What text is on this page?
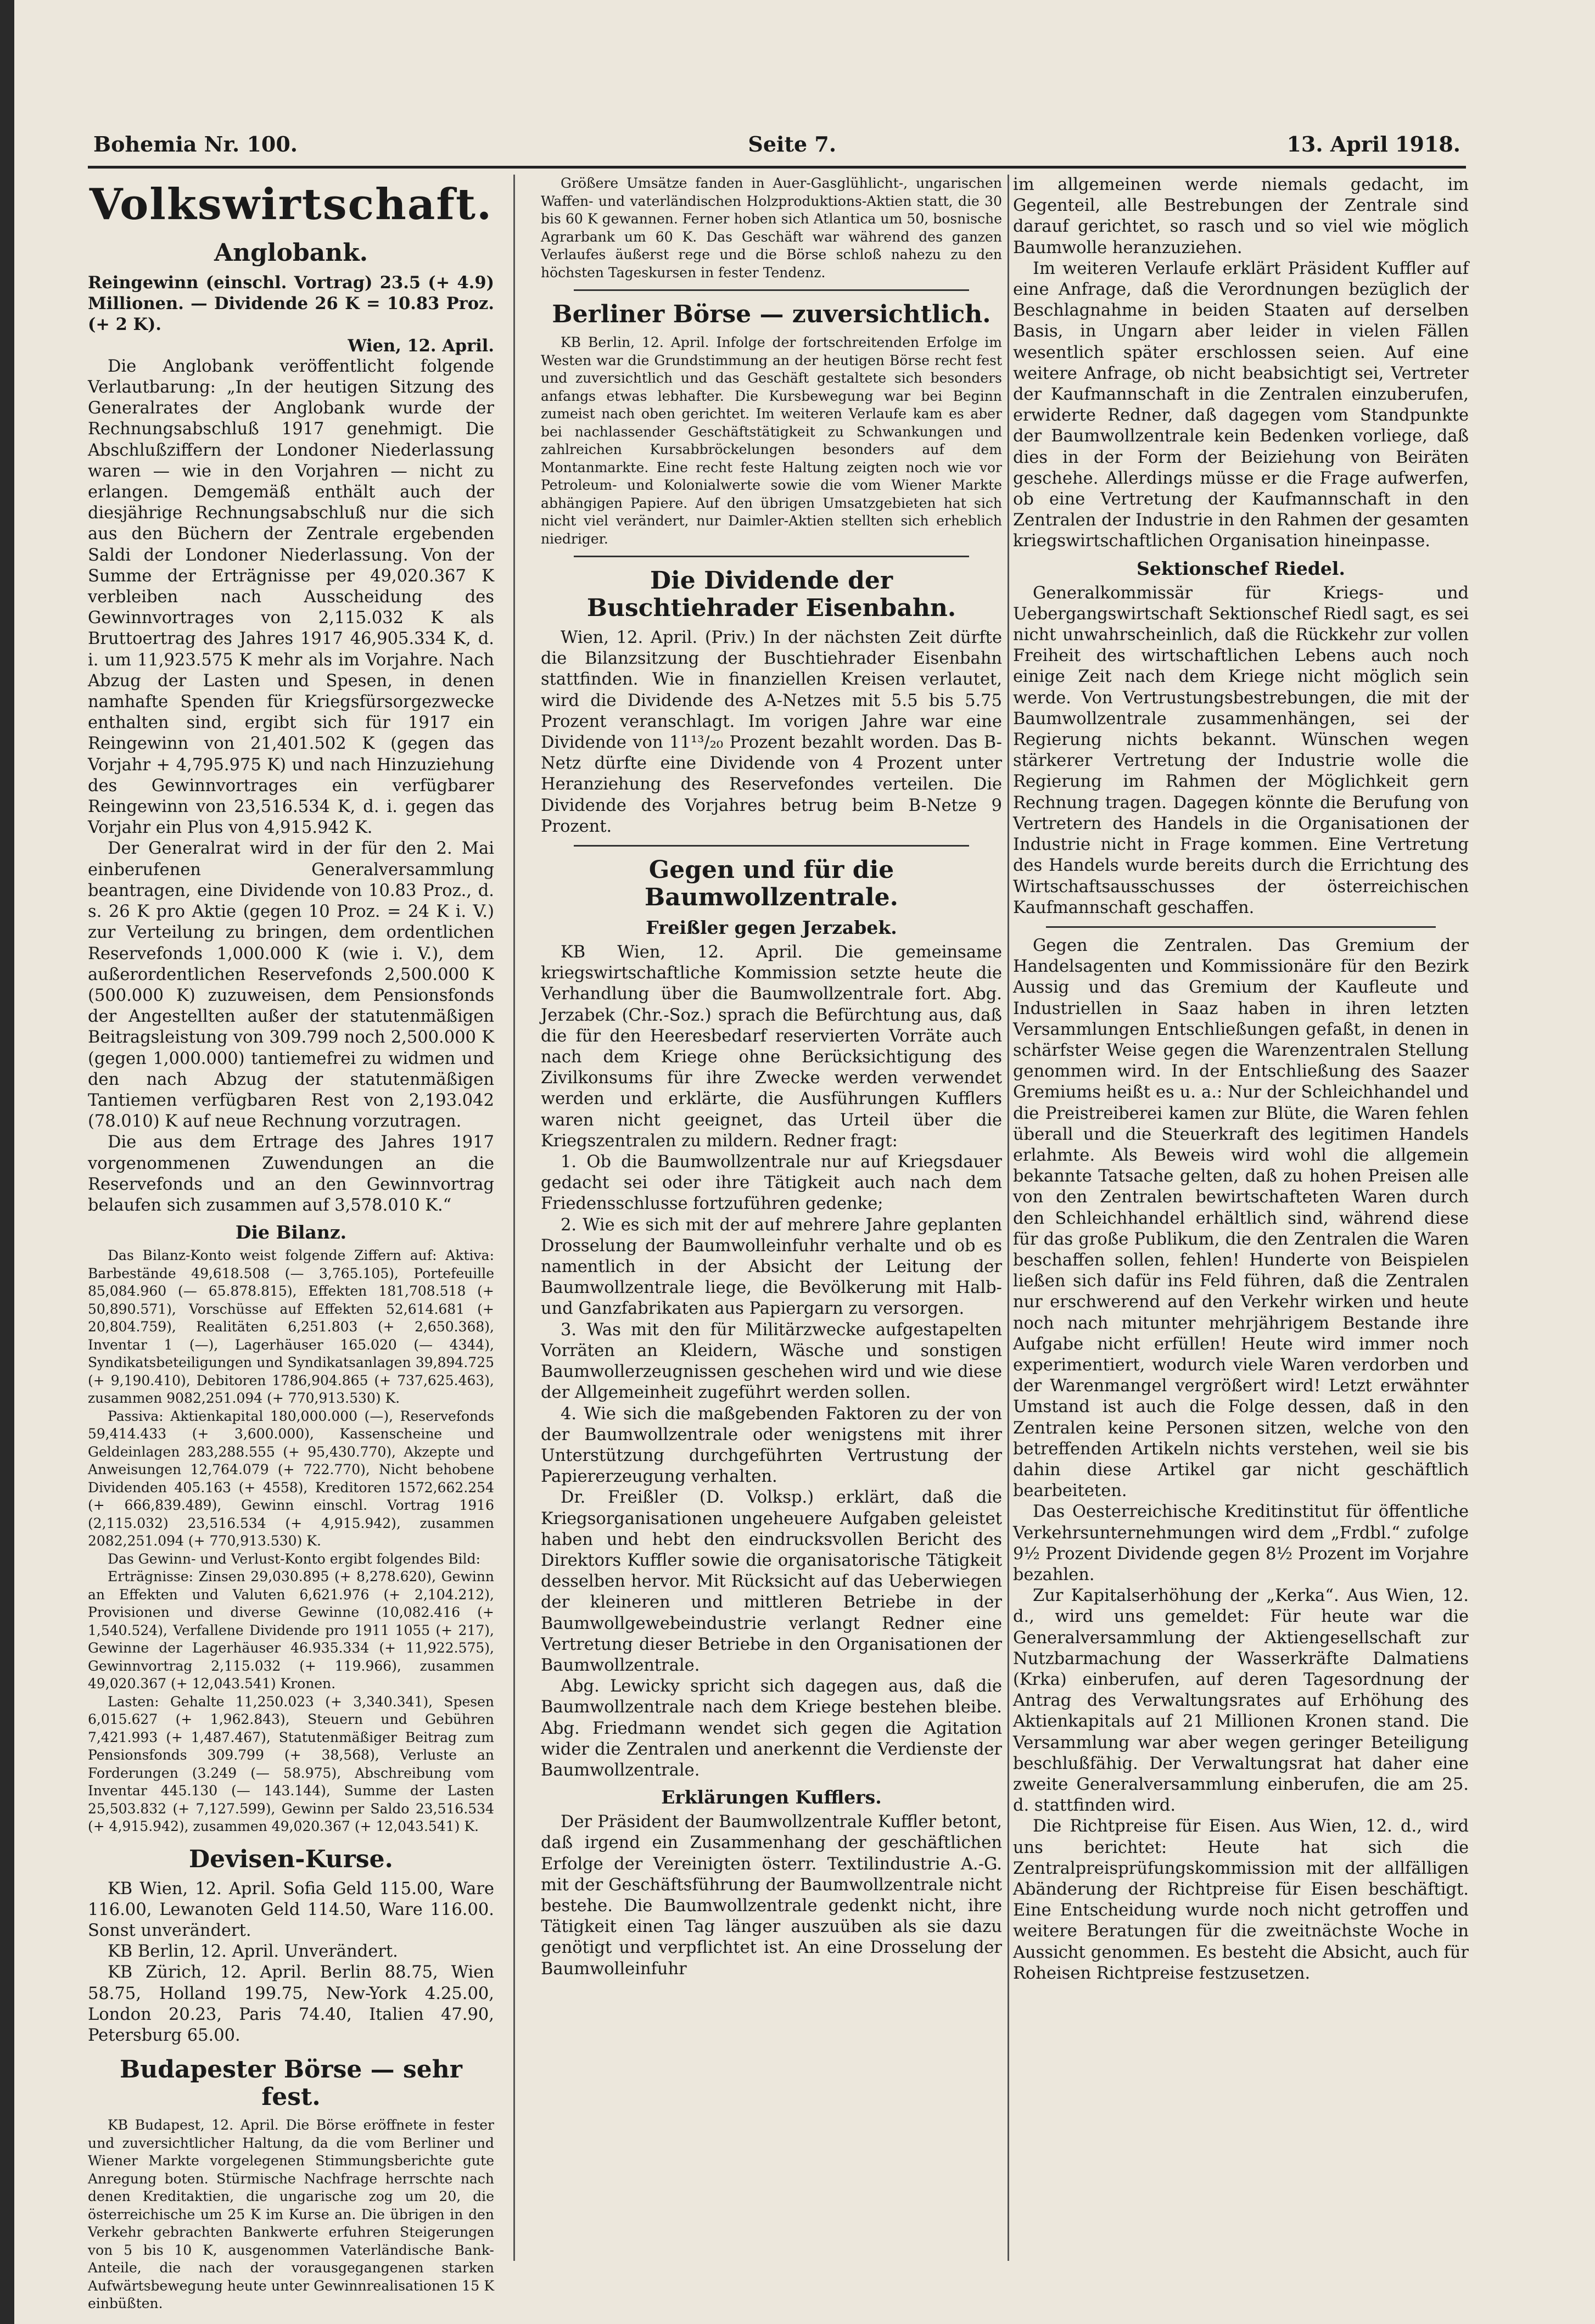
Bohemia Nr. 100.	Seite 7.	13. April 1918.
Volkswirtschaft.
Anglobank.

Reingewinn (einschl. Vortrag) 23.5 (+ 4.9) Millionen. — Dividende 26 K = 10.83 Proz. (+ 2 K).

Wien, 12. April.

Die Anglobank veröffentlicht folgende Verlautbarung: „In der heutigen Sitzung des Generalrates der Anglobank wurde der Rechnungsabschluß 1917 genehmigt. Die Abschlußziffern der Londoner Niederlassung waren — wie in den Vorjahren — nicht zu erlangen. Demgemäß enthält auch der diesjährige Rechnungsabschluß nur die sich aus den Büchern der Zentrale ergebenden Saldi der Londoner Niederlassung. Von der Summe der Erträgnisse per 49,020.367 K verbleiben nach Ausscheidung des Gewinnvortrages von 2,115.032 K als Bruttoertrag des Jahres 1917 46,905.334 K, d. i. um 11,923.575 K mehr als im Vorjahre. Nach Abzug der Lasten und Spesen, in denen namhafte Spenden für Kriegsfürsorgezwecke enthalten sind, ergibt sich für 1917 ein Reingewinn von 21,401.502 K (gegen das Vorjahr + 4,795.975 K) und nach Hinzuziehung des Gewinnvortrages ein verfügbarer Reingewinn von 23,516.534 K, d. i. gegen das Vorjahr ein Plus von 4,915.942 K.

Der Generalrat wird in der für den 2. Mai einberufenen Generalversammlung beantragen, eine Dividende von 10.83 Proz., d. s. 26 K pro Aktie (gegen 10 Proz. = 24 K i. V.) zur Verteilung zu bringen, dem ordentlichen Reservefonds 1,000.000 K (wie i. V.), dem außerordentlichen Reservefonds 2,500.000 K (500.000 K) zuzuweisen, dem Pensionsfonds der Angestellten außer der statutenmäßigen Beitragsleistung von 309.799 noch 2,500.000 K (gegen 1,000.000) tantiemefrei zu widmen und den nach Abzug der statutenmäßigen Tantiemen verfügbaren Rest von 2,193.042 (78.010) K auf neue Rechnung vorzutragen.

Die aus dem Ertrage des Jahres 1917 vorgenommenen Zuwendungen an die Reservefonds und an den Gewinnvortrag belaufen sich zusammen auf 3,578.010 K.“

Die Bilanz.

Das Bilanz-Konto weist folgende Ziffern auf: Aktiva: Barbestände 49,618.508 (— 3,765.105), Portefeuille 85,084.960 (— 65.878.815), Effekten 181,708.518 (+ 50,890.571), Vorschüsse auf Effekten 52,614.681 (+ 20,804.759), Realitäten 6,251.803 (+ 2,650.368), Inventar 1 (—), Lagerhäuser 165.020 (— 4344), Syndikatsbeteiligungen und Syndikatsanlagen 39,894.725 (+ 9,190.410), Debitoren 1786,904.865 (+ 737,625.463), zusammen 9082,251.094 (+ 770,913.530) K.

Passiva: Aktienkapital 180,000.000 (—), Reservefonds 59,414.433 (+ 3,600.000), Kassenscheine und Geldeinlagen 283,288.555 (+ 95,430.770), Akzepte und Anweisungen 12,764.079 (+ 722.770), Nicht behobene Dividenden 405.163 (+ 4558), Kreditoren 1572,662.254 (+ 666,839.489), Gewinn einschl. Vortrag 1916 (2,115.032) 23,516.534 (+ 4,915.942), zusammen 2082,251.094 (+ 770,913.530) K.

Das Gewinn- und Verlust-Konto ergibt folgendes Bild:

Erträgnisse: Zinsen 29,030.895 (+ 8,278.620), Gewinn an Effekten und Valuten 6,621.976 (+ 2,104.212), Provisionen und diverse Gewinne (10,082.416 (+ 1,540.524), Verfallene Dividende pro 1911 1055 (+ 217), Gewinne der Lagerhäuser 46.935.334 (+ 11,922.575), Gewinnvortrag 2,115.032 (+ 119.966), zusammen 49,020.367 (+ 12,043.541) Kronen.

Lasten: Gehalte 11,250.023 (+ 3,340.341), Spesen 6,015.627 (+ 1,962.843), Steuern und Gebühren 7,421.993 (+ 1,487.467), Statutenmäßiger Beitrag zum Pensionsfonds 309.799 (+ 38,568), Verluste an Forderungen (3.249 (— 58.975), Abschreibung vom Inventar 445.130 (— 143.144), Summe der Lasten 25,503.832 (+ 7,127.599), Gewinn per Saldo 23,516.534 (+ 4,915.942), zusammen 49,020.367 (+ 12,043.541) K.

Devisen-Kurse.

KB Wien, 12. April. Sofia Geld 115.00, Ware 116.00, Lewanoten Geld 114.50, Ware 116.00. Sonst unverändert.

KB Berlin, 12. April. Unverändert.

KB Zürich, 12. April. Berlin 88.75, Wien 58.75, Holland 199.75, New-York 4.25.00, London 20.23, Paris 74.40, Italien 47.90, Petersburg 65.00.

Budapester Börse — sehr fest.

KB Budapest, 12. April. Die Börse eröffnete in fester und zuversichtlicher Haltung, da die vom Berliner und Wiener Markte vorgelegenen Stimmungsberichte gute Anregung boten. Stürmische Nachfrage herrschte nach denen Kreditaktien, die ungarische zog um 20, die österreichische um 25 K im Kurse an. Die übrigen in den Verkehr gebrachten Bankwerte erfuhren Steigerungen von 5 bis 10 K, ausgenommen Vaterländische Bank-Anteile, die nach der vorausgegangenen starken Aufwärtsbewegung heute unter Gewinnrealisationen 15 K einbüßten.

Größere Umsätze fanden in Auer-Gasglühlicht-, ungarischen Waffen- und vaterländischen Holzproduktions-Aktien statt, die 30 bis 60 K gewannen. Ferner hoben sich Atlantica um 50, bosnische Agrarbank um 60 K. Das Geschäft war während des ganzen Verlaufes äußerst rege und die Börse schloß nahezu zu den höchsten Tageskursen in fester Tendenz.

Berliner Börse — zuversichtlich.

KB Berlin, 12. April. Infolge der fortschreitenden Erfolge im Westen war die Grundstimmung an der heutigen Börse recht fest und zuversichtlich und das Geschäft gestaltete sich besonders anfangs etwas lebhafter. Die Kursbewegung war bei Beginn zumeist nach oben gerichtet. Im weiteren Verlaufe kam es aber bei nachlassender Geschäftstätigkeit zu Schwankungen und zahlreichen Kursabbröckelungen besonders auf dem Montanmarkte. Eine recht feste Haltung zeigten noch wie vor Petroleum- und Kolonialwerte sowie die vom Wiener Markte abhängigen Papiere. Auf den übrigen Umsatzgebieten hat sich nicht viel verändert, nur Daimler-Aktien stellten sich erheblich niedriger.

Die Dividende der Buschtiehrader Eisenbahn.

Wien, 12. April. (Priv.) In der nächsten Zeit dürfte die Bilanzsitzung der Buschtiehrader Eisenbahn stattfinden. Wie in finanziellen Kreisen verlautet, wird die Dividende des A-Netzes mit 5.5 bis 5.75 Prozent veranschlagt. Im vorigen Jahre war eine Dividende von 11¹³/₂₀ Prozent bezahlt worden. Das B-Netz dürfte eine Dividende von 4 Prozent unter Heranziehung des Reservefondes verteilen. Die Dividende des Vorjahres betrug beim B-Netze 9 Prozent.

Gegen und für die Baumwollzentrale.
Freißler gegen Jerzabek.

KB Wien, 12. April. Die gemeinsame kriegswirtschaftliche Kommission setzte heute die Verhandlung über die Baumwollzentrale fort. Abg. Jerzabek (Chr.-Soz.) sprach die Befürchtung aus, daß die für den Heeresbedarf reservierten Vorräte auch nach dem Kriege ohne Berücksichtigung des Zivilkonsums für ihre Zwecke werden verwendet werden und erklärte, die Ausführungen Kufflers waren nicht geeignet, das Urteil über die Kriegszentralen zu mildern. Redner fragt:

1. Ob die Baumwollzentrale nur auf Kriegsdauer gedacht sei oder ihre Tätigkeit auch nach dem Friedensschlusse fortzuführen gedenke;

2. Wie es sich mit der auf mehrere Jahre geplanten Drosselung der Baumwolleinfuhr verhalte und ob es namentlich in der Absicht der Leitung der Baumwollzentrale liege, die Bevölkerung mit Halb- und Ganzfabrikaten aus Papiergarn zu versorgen.

3. Was mit den für Militärzwecke aufgestapelten Vorräten an Kleidern, Wäsche und sonstigen Baumwollerzeugnissen geschehen wird und wie diese der Allgemeinheit zugeführt werden sollen.

4. Wie sich die maßgebenden Faktoren zu der von der Baumwollzentrale oder wenigstens mit ihrer Unterstützung durchgeführten Vertrustung der Papiererzeugung verhalten.

Dr. Freißler (D. Volksp.) erklärt, daß die Kriegsorganisationen ungeheuere Aufgaben geleistet haben und hebt den eindrucksvollen Bericht des Direktors Kuffler sowie die organisatorische Tätigkeit desselben hervor. Mit Rücksicht auf das Ueberwiegen der kleineren und mittleren Betriebe in der Baumwollgewebeindustrie verlangt Redner eine Vertretung dieser Betriebe in den Organisationen der Baumwollzentrale.

Abg. Lewicky spricht sich dagegen aus, daß die Baumwollzentrale nach dem Kriege bestehen bleibe. Abg. Friedmann wendet sich gegen die Agitation wider die Zentralen und anerkennt die Verdienste der Baumwollzentrale.

Erklärungen Kufflers.

Der Präsident der Baumwollzentrale Kuffler betont, daß irgend ein Zusammenhang der geschäftlichen Erfolge der Vereinigten österr. Textilindustrie A.-G. mit der Geschäftsführung der Baumwollzentrale nicht bestehe. Die Baumwollzentrale gedenkt nicht, ihre Tätigkeit einen Tag länger auszuüben als sie dazu genötigt und verpflichtet ist. An eine Drosselung der Baumwolleinfuhr

im allgemeinen werde niemals gedacht, im Gegenteil, alle Bestrebungen der Zentrale sind darauf gerichtet, so rasch und so viel wie möglich Baumwolle heranzuziehen.

Im weiteren Verlaufe erklärt Präsident Kuffler auf eine Anfrage, daß die Verordnungen bezüglich der Beschlagnahme in beiden Staaten auf derselben Basis, in Ungarn aber leider in vielen Fällen wesentlich später erschlossen seien. Auf eine weitere Anfrage, ob nicht beabsichtigt sei, Vertreter der Kaufmannschaft in die Zentralen einzuberufen, erwiderte Redner, daß dagegen vom Standpunkte der Baumwollzentrale kein Bedenken vorliege, daß dies in der Form der Beiziehung von Beiräten geschehe. Allerdings müsse er die Frage aufwerfen, ob eine Vertretung der Kaufmannschaft in den Zentralen der Industrie in den Rahmen der gesamten kriegswirtschaftlichen Organisation hineinpasse.

Sektionschef Riedel.

Generalkommissär für Kriegs- und Uebergangswirtschaft Sektionschef Riedl sagt, es sei nicht unwahrscheinlich, daß die Rückkehr zur vollen Freiheit des wirtschaftlichen Lebens auch noch einige Zeit nach dem Kriege nicht möglich sein werde. Von Vertrustungsbestrebungen, die mit der Baumwollzentrale zusammenhängen, sei der Regierung nichts bekannt. Wünschen wegen stärkerer Vertretung der Industrie wolle die Regierung im Rahmen der Möglichkeit gern Rechnung tragen. Dagegen könnte die Berufung von Vertretern des Handels in die Organisationen der Industrie nicht in Frage kommen. Eine Vertretung des Handels wurde bereits durch die Errichtung des Wirtschaftsausschusses der österreichischen Kaufmannschaft geschaffen.

Gegen die Zentralen. Das Gremium der Handelsagenten und Kommissionäre für den Bezirk Aussig und das Gremium der Kaufleute und Industriellen in Saaz haben in ihren letzten Versammlungen Entschließungen gefaßt, in denen in schärfster Weise gegen die Warenzentralen Stellung genommen wird. In der Entschließung des Saazer Gremiums heißt es u. a.: Nur der Schleichhandel und die Preistreiberei kamen zur Blüte, die Waren fehlen überall und die Steuerkraft des legitimen Handels erlahmte. Als Beweis wird wohl die allgemein bekannte Tatsache gelten, daß zu hohen Preisen alle von den Zentralen bewirtschafteten Waren durch den Schleichhandel erhältlich sind, während diese für das große Publikum, die den Zentralen die Waren beschaffen sollen, fehlen! Hunderte von Beispielen ließen sich dafür ins Feld führen, daß die Zentralen nur erschwerend auf den Verkehr wirken und heute noch nach mitunter mehrjährigem Bestande ihre Aufgabe nicht erfüllen! Heute wird immer noch experimentiert, wodurch viele Waren verdorben und der Warenmangel vergrößert wird! Letzt erwähnter Umstand ist auch die Folge dessen, daß in den Zentralen keine Personen sitzen, welche von den betreffenden Artikeln nichts verstehen, weil sie bis dahin diese Artikel gar nicht geschäftlich bearbeiteten.

Das Oesterreichische Kreditinstitut für öffentliche Verkehrsunternehmungen wird dem „Frdbl.“ zufolge 9½ Prozent Dividende gegen 8½ Prozent im Vorjahre bezahlen.

Zur Kapitalserhöhung der „Kerka“. Aus Wien, 12. d., wird uns gemeldet: Für heute war die Generalversammlung der Aktiengesellschaft zur Nutzbarmachung der Wasserkräfte Dalmatiens (Krka) einberufen, auf deren Tagesordnung der Antrag des Verwaltungsrates auf Erhöhung des Aktienkapitals auf 21 Millionen Kronen stand. Die Versammlung war aber wegen geringer Beteiligung beschlußfähig. Der Verwaltungsrat hat daher eine zweite Generalversammlung einberufen, die am 25. d. stattfinden wird.

Die Richtpreise für Eisen. Aus Wien, 12. d., wird uns berichtet: Heute hat sich die Zentralpreisprüfungskommission mit der allfälligen Abänderung der Richtpreise für Eisen beschäftigt. Eine Entscheidung wurde noch nicht getroffen und weitere Beratungen für die zweitnächste Woche in Aussicht genommen. Es besteht die Absicht, auch für Roheisen Richtpreise festzusetzen.
